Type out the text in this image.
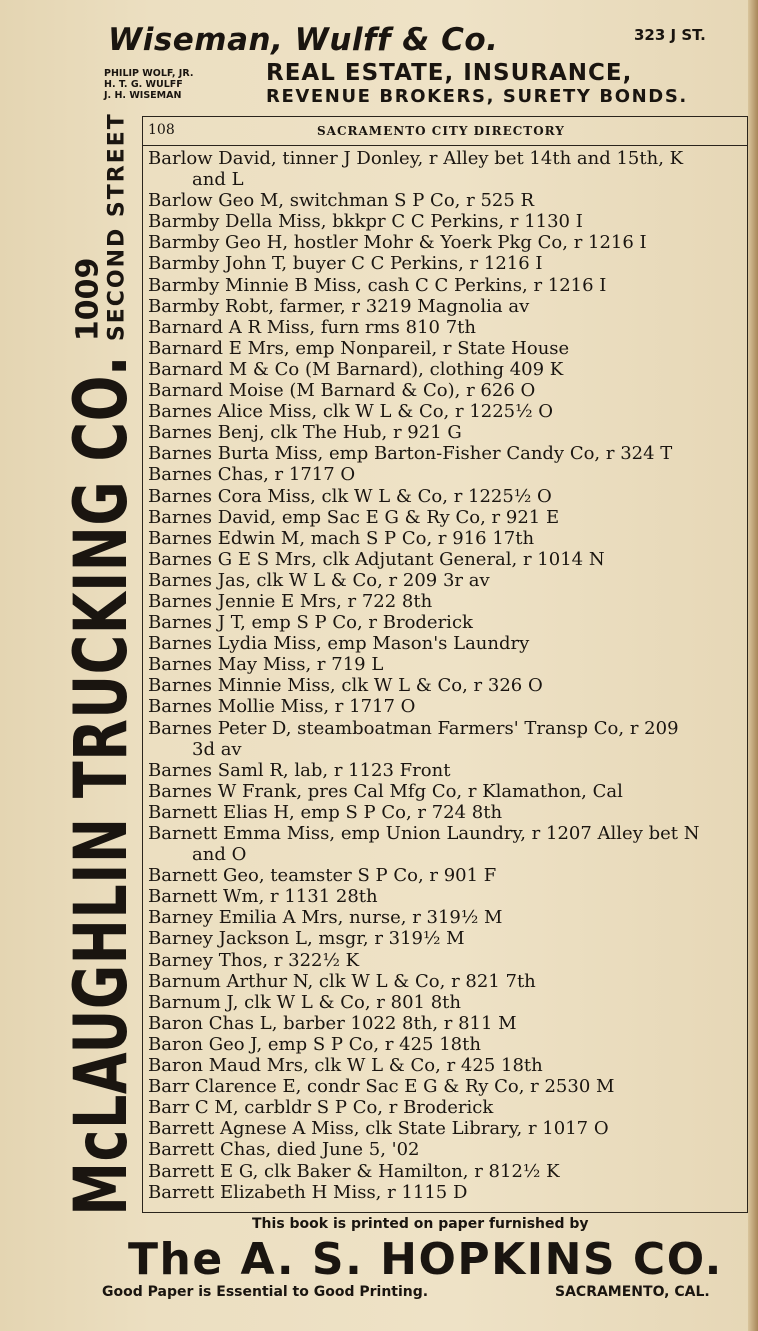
Wiseman, Wulff & Co.	323 J ST.
PHILIP WOLF, JR.
H. T. G. WULFF
J. H. WISEMAN
REAL ESTATE, INSURANCE,
REVENUE BROKERS, SURETY BONDS.
McLAUGHLIN TRUCKING CO.
1009 SECOND STREET 108	SACRAMENTO CITY DIRECTORY
Barlow David, tinner J Donley, r Alley bet 14th and 15th, K
and L
Barlow Geo M, switchman S P Co, r 525 R
Barmby Della Miss, bkkpr C C Perkins, r 1130 I
Barmby Geo H, hostler Mohr & Yoerk Pkg Co, r 1216 I
Barmby John T, buyer C C Perkins, r 1216 I
Barmby Minnie B Miss, cash C C Perkins, r 1216 I
Barmby Robt, farmer, r 3219 Magnolia av
Barnard A R Miss, furn rms 810 7th
Barnard E Mrs, emp Nonpareil, r State House
Barnard M & Co (M Barnard), clothing 409 K
Barnard Moise (M Barnard & Co), r 626 O
Barnes Alice Miss, clk W L & Co, r 1225½ O
Barnes Benj, clk The Hub, r 921 G
Barnes Burta Miss, emp Barton-Fisher Candy Co, r 324 T
Barnes Chas, r 1717 O
Barnes Cora Miss, clk W L & Co, r 1225½ O
Barnes David, emp Sac E G & Ry Co, r 921 E
Barnes Edwin M, mach S P Co, r 916 17th
Barnes G E S Mrs, clk Adjutant General, r 1014 N
Barnes Jas, clk W L & Co, r 209 3r av
Barnes Jennie E Mrs, r 722 8th
Barnes J T, emp S P Co, r Broderick
Barnes Lydia Miss, emp Mason's Laundry
Barnes May Miss, r 719 L
Barnes Minnie Miss, clk W L & Co, r 326 O
Barnes Mollie Miss, r 1717 O
Barnes Peter D, steamboatman Farmers' Transp Co, r 209
3d av
Barnes Saml R, lab, r 1123 Front
Barnes W Frank, pres Cal Mfg Co, r Klamathon, Cal
Barnett Elias H, emp S P Co, r 724 8th
Barnett Emma Miss, emp Union Laundry, r 1207 Alley bet N
and O
Barnett Geo, teamster S P Co, r 901 F
Barnett Wm, r 1131 28th
Barney Emilia A Mrs, nurse, r 319½ M
Barney Jackson L, msgr, r 319½ M
Barney Thos, r 322½ K
Barnum Arthur N, clk W L & Co, r 821 7th
Barnum J, clk W L & Co, r 801 8th
Baron Chas L, barber 1022 8th, r 811 M
Baron Geo J, emp S P Co, r 425 18th
Baron Maud Mrs, clk W L & Co, r 425 18th
Barr Clarence E, condr Sac E G & Ry Co, r 2530 M
Barr C M, carbldr S P Co, r Broderick
Barrett Agnese A Miss, clk State Library, r 1017 O
Barrett Chas, died June 5, '02
Barrett E G, clk Baker & Hamilton, r 812½ K
Barrett Elizabeth H Miss, r 1115 D
This book is printed on paper furnished by
The A. S. HOPKINS CO.
Good Paper is Essential to Good Printing.	SACRAMENTO, CAL.
